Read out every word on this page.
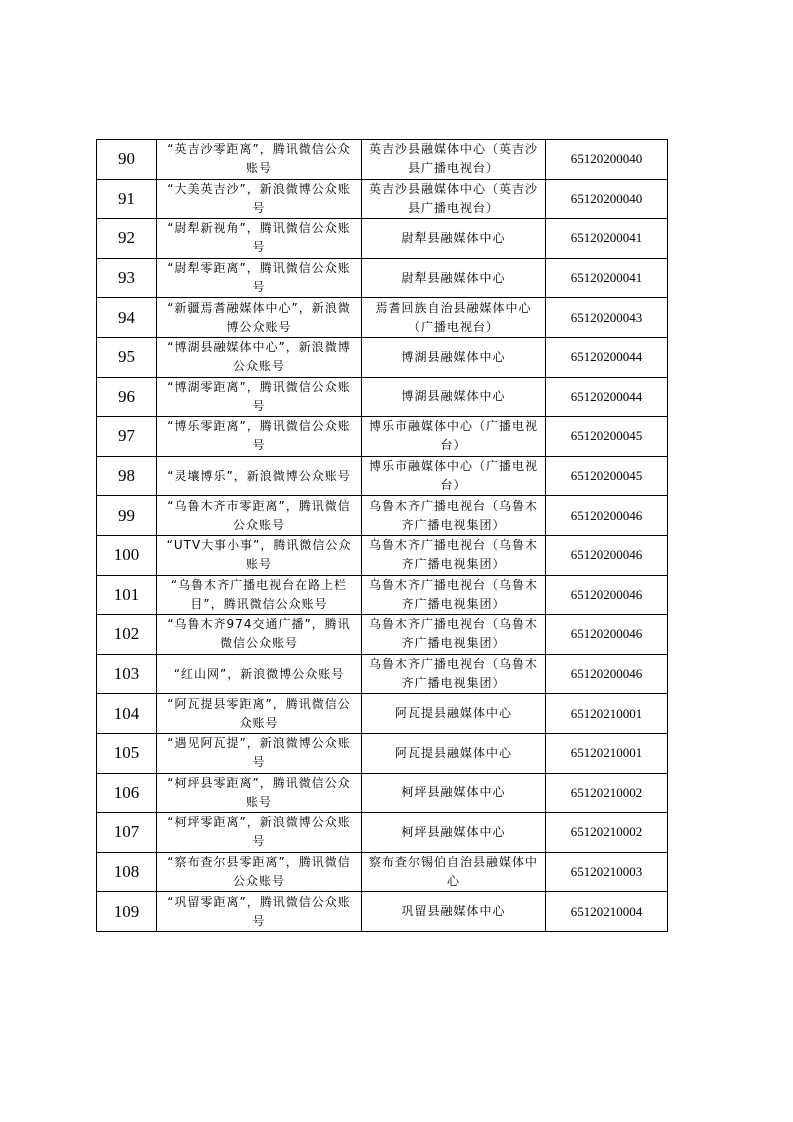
90	“英吉沙零距离”，腾讯微信公众账号	英吉沙县融媒体中心（英吉沙县广播电视台）	65120200040
91	“大美英吉沙”，新浪微博公众账号	英吉沙县融媒体中心（英吉沙县广播电视台）	65120200040
92	“尉犁新视角”，腾讯微信公众账号	尉犁县融媒体中心	65120200041
93	“尉犁零距离”，腾讯微信公众账号	尉犁县融媒体中心	65120200041
94	“新疆焉耆融媒体中心”，新浪微博公众账号	焉耆回族自治县融媒体中心（广播电视台）	65120200043
95	“博湖县融媒体中心”，新浪微博公众账号	博湖县融媒体中心	65120200044
96	“博湖零距离”，腾讯微信公众账号	博湖县融媒体中心	65120200044
97	“博乐零距离”，腾讯微信公众账号	博乐市融媒体中心（广播电视台）	65120200045
98	“灵壤博乐”，新浪微博公众账号	博乐市融媒体中心（广播电视台）	65120200045
99	“乌鲁木齐市零距离”，腾讯微信公众账号	乌鲁木齐广播电视台（乌鲁木齐广播电视集团）	65120200046
100	“UTV大事小事”，腾讯微信公众账号	乌鲁木齐广播电视台（乌鲁木齐广播电视集团）	65120200046
101	“乌鲁木齐广播电视台在路上栏目”，腾讯微信公众账号	乌鲁木齐广播电视台（乌鲁木齐广播电视集团）	65120200046
102	“乌鲁木齐974交通广播”，腾讯微信公众账号	乌鲁木齐广播电视台（乌鲁木齐广播电视集团）	65120200046
103	“红山网”，新浪微博公众账号	乌鲁木齐广播电视台（乌鲁木齐广播电视集团）	65120200046
104	“阿瓦提县零距离”，腾讯微信公众账号	阿瓦提县融媒体中心	65120210001
105	“遇见阿瓦提”，新浪微博公众账号	阿瓦提县融媒体中心	65120210001
106	“柯坪县零距离”，腾讯微信公众账号	柯坪县融媒体中心	65120210002
107	“柯坪零距离”，新浪微博公众账号	柯坪县融媒体中心	65120210002
108	“察布查尔县零距离”，腾讯微信公众账号	察布查尔锡伯自治县融媒体中心	65120210003
109	“巩留零距离”，腾讯微信公众账号	巩留县融媒体中心	65120210004
